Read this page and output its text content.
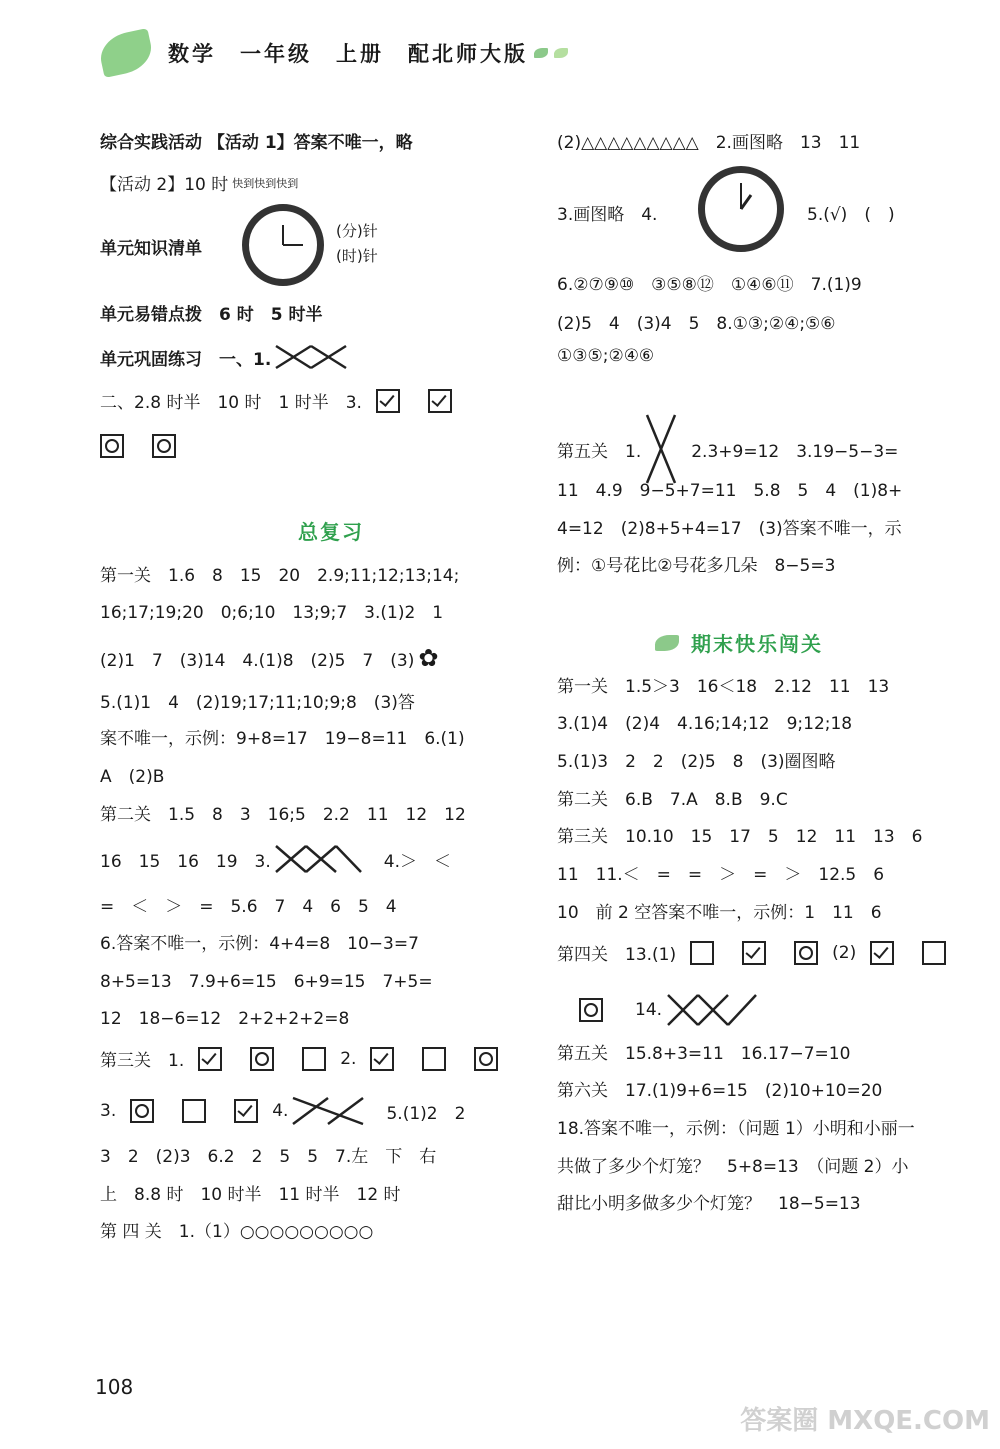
数学　一年级　上册　配北师大版
综合实践活动 【活动 1】答案不唯一，略
【活动 2】10 时 快到快到快到
单元知识清单
(分)针
(时)针
单元易错点拨　6 时　5 时半
单元巩固练习　一、1.
二、2.8 时半　10 时　1 时半　3.
总复习
第一关　1.6　8　15　20　2.9;11;12;13;14;
16;17;19;20　0;6;10　13;9;7　3.(1)2　1
(2)1　7　(3)14　4.(1)8　(2)5　7　(3) ✿
5.(1)1　4　(2)19;17;11;10;9;8　(3)答
案不唯一，示例：9+8=17　19−8=11　6.(1)
A　(2)B
第二关　1.5　8　3　16;5　2.2　11　12　12
16　15　16　19　3.	4.＞　＜
=　＜　＞　=　5.6　7　4　6　5　4
6.答案不唯一，示例：4+4=8　10−3=7
8+5=13　7.9+6=15　6+9=15　7+5=
12　18−6=12　2+2+2+2=8
第三关　1.	2.
3.	4.	5.(1)2　2
3　2　(2)3　6.2　2　5　5　7.左　下　右
上　8.8 时　10 时半　11 时半　12 时
第 四 关　1.（1）○○○○○○○○○
(2)△△△△△△△△△　2.画图略　13　11
3.画图略　4.	5.(√)　(　)
6.②⑦⑨⑩　③⑤⑧⑫　①④⑥⑪　7.(1)9
(2)5　4　(3)4　5　8.①③;②④;⑤⑥
①③⑤;②④⑥
第五关　1.	2.3+9=12　3.19−5−3=
11　4.9　9−5+7=11　5.8　5　4　(1)8+
4=12　(2)8+5+4=17　(3)答案不唯一，示
例：①号花比②号花多几朵　8−5=3
期末快乐闯关
第一关　1.5＞3　16＜18　2.12　11　13
3.(1)4　(2)4　4.16;14;12　9;12;18
5.(1)3　2　2　(2)5　8　(3)圈图略
第二关　6.B　7.A　8.B　9.C
第三关　10.10　15　17　5　12　11　13　6
11　11.＜　=　=　＞　=　＞　12.5　6
10　前 2 空答案不唯一，示例：1　11　6
第四关　13.(1)	(2)
14.
第五关　15.8+3=11　16.17−7=10
第六关　17.(1)9+6=15　(2)10+10=20
18.答案不唯一，示例：（问题 1）小明和小丽一
共做了多少个灯笼？　5+8=13　（问题 2）小
甜比小明多做多少个灯笼？　18−5=13
108
答案圈 MXQE.COM
